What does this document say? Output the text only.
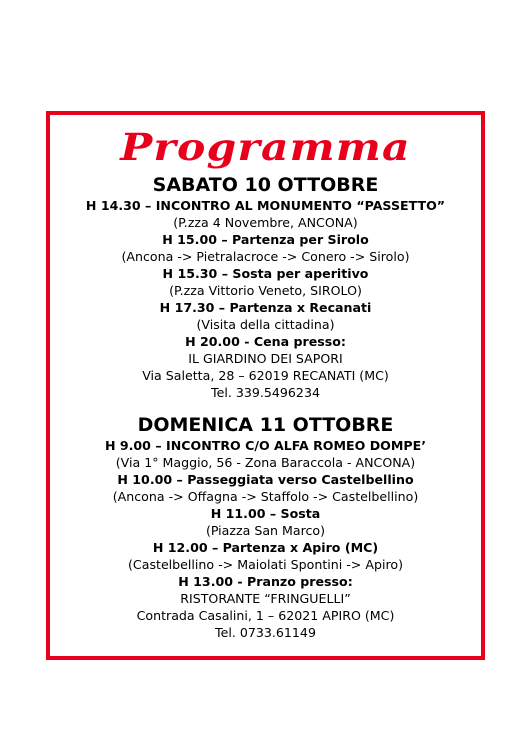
Programma
SABATO 10 OTTOBRE
H 14.30 – INCONTRO AL MONUMENTO “PASSETTO”
(P.zza 4 Novembre, ANCONA)
H 15.00 – Partenza per Sirolo
(Ancona -> Pietralacroce -> Conero -> Sirolo)
H 15.30 – Sosta per aperitivo
(P.zza Vittorio Veneto, SIROLO)
H 17.30 – Partenza x Recanati
(Visita della cittadina)
H 20.00 - Cena presso:
IL GIARDINO DEI SAPORI
Via Saletta, 28 – 62019 RECANATI (MC)
Tel. 339.5496234
DOMENICA 11 OTTOBRE
H 9.00 – INCONTRO C/O ALFA ROMEO DOMPE’
(Via 1° Maggio, 56 - Zona Baraccola - ANCONA)
H 10.00 – Passeggiata verso Castelbellino
(Ancona -> Offagna -> Staffolo -> Castelbellino)
H 11.00 – Sosta
(Piazza San Marco)
H 12.00 – Partenza x Apiro (MC)
(Castelbellino -> Maiolati Spontini -> Apiro)
H 13.00 - Pranzo presso:
RISTORANTE “FRINGUELLI”
Contrada Casalini, 1 – 62021 APIRO (MC)
Tel. 0733.61149
